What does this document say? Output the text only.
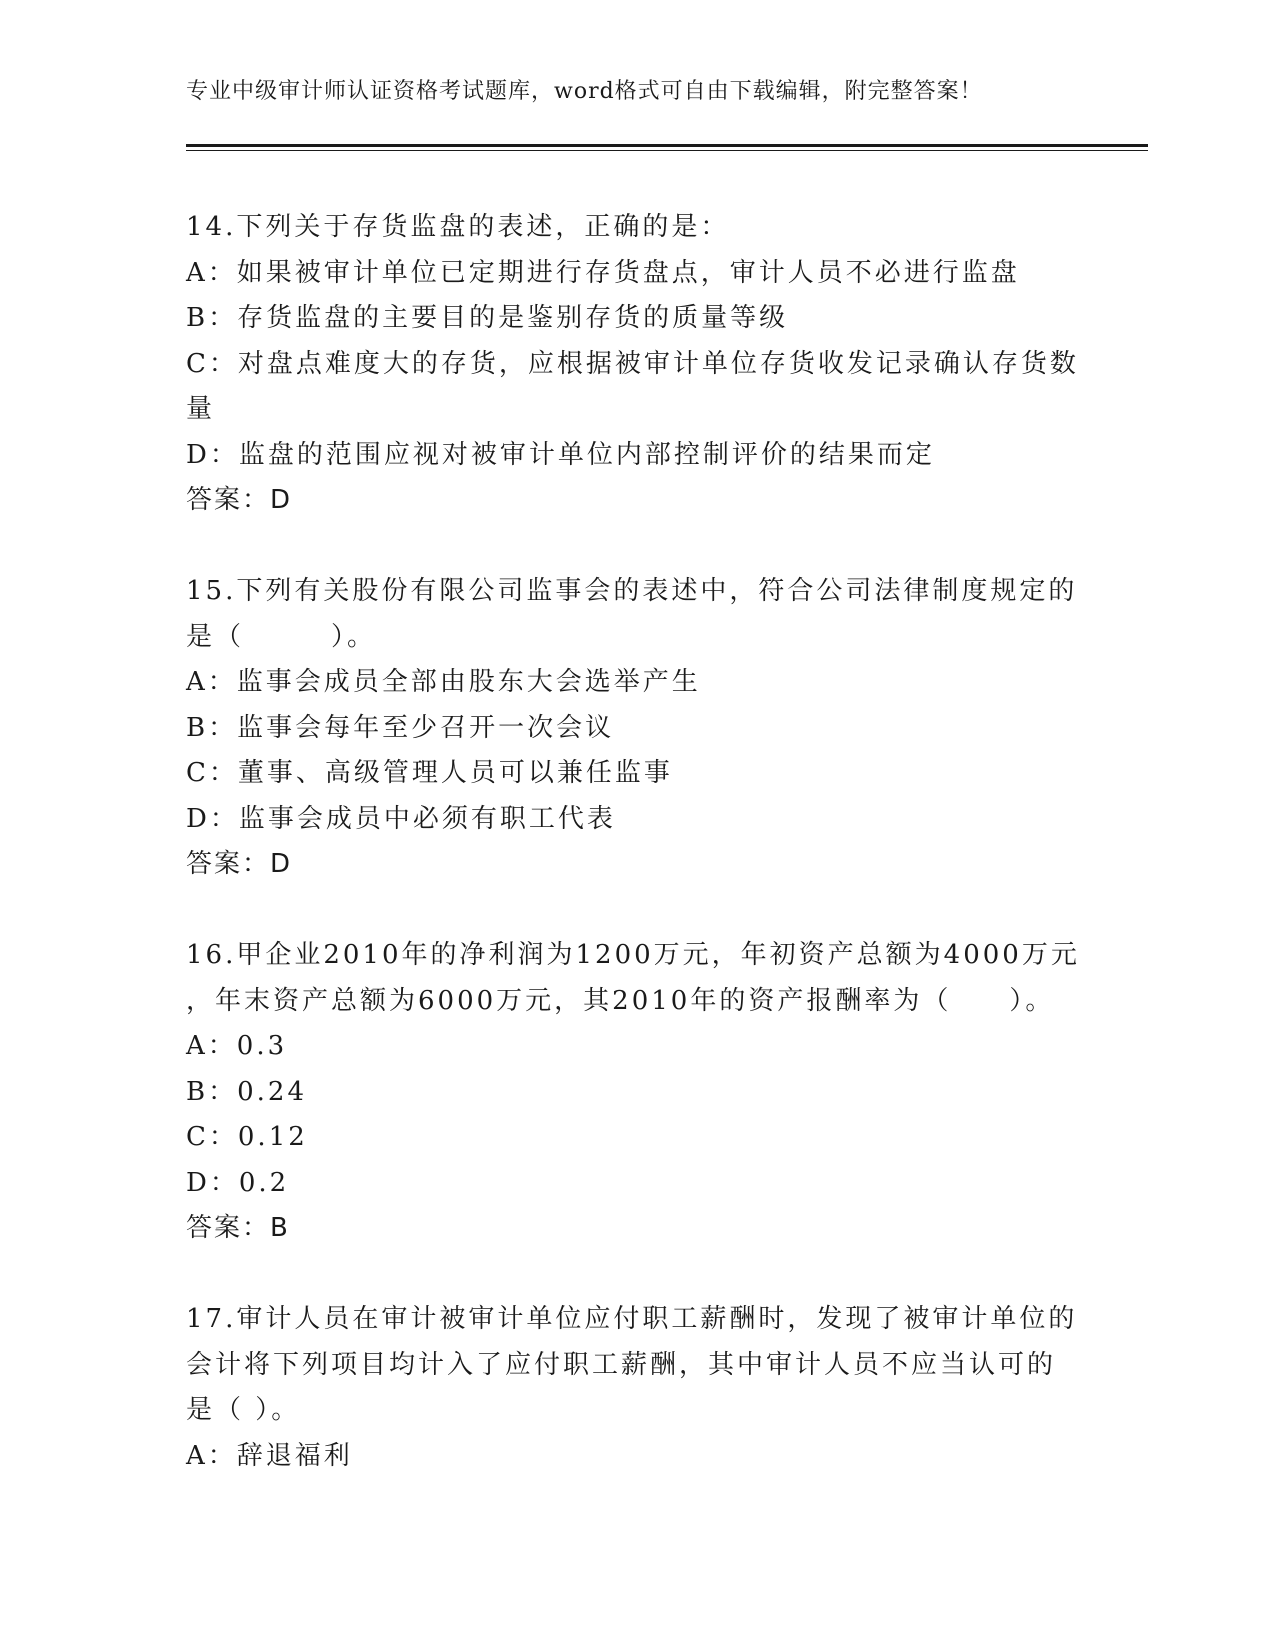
专业中级审计师认证资格考试题库，word格式可自由下载编辑，附完整答案！
14.下列关于存货监盘的表述，正确的是：
A：如果被审计单位已定期进行存货盘点，审计人员不必进行监盘
B：存货监盘的主要目的是鉴别存货的质量等级
C：对盘点难度大的存货，应根据被审计单位存货收发记录确认存货数
量
D：监盘的范围应视对被审计单位内部控制评价的结果而定
答案：D
15.下列有关股份有限公司监事会的表述中，符合公司法律制度规定的
是（　　　）。
A：监事会成员全部由股东大会选举产生
B：监事会每年至少召开一次会议
C：董事、高级管理人员可以兼任监事
D：监事会成员中必须有职工代表
答案：D
16.甲企业2010年的净利润为1200万元，年初资产总额为4000万元
，年末资产总额为6000万元，其2010年的资产报酬率为（　　）。
A：0.3
B：0.24
C：0.12
D：0.2
答案：B
17.审计人员在审计被审计单位应付职工薪酬时，发现了被审计单位的
会计将下列项目均计入了应付职工薪酬，其中审计人员不应当认可的
是（ ）。
A：辞退福利
